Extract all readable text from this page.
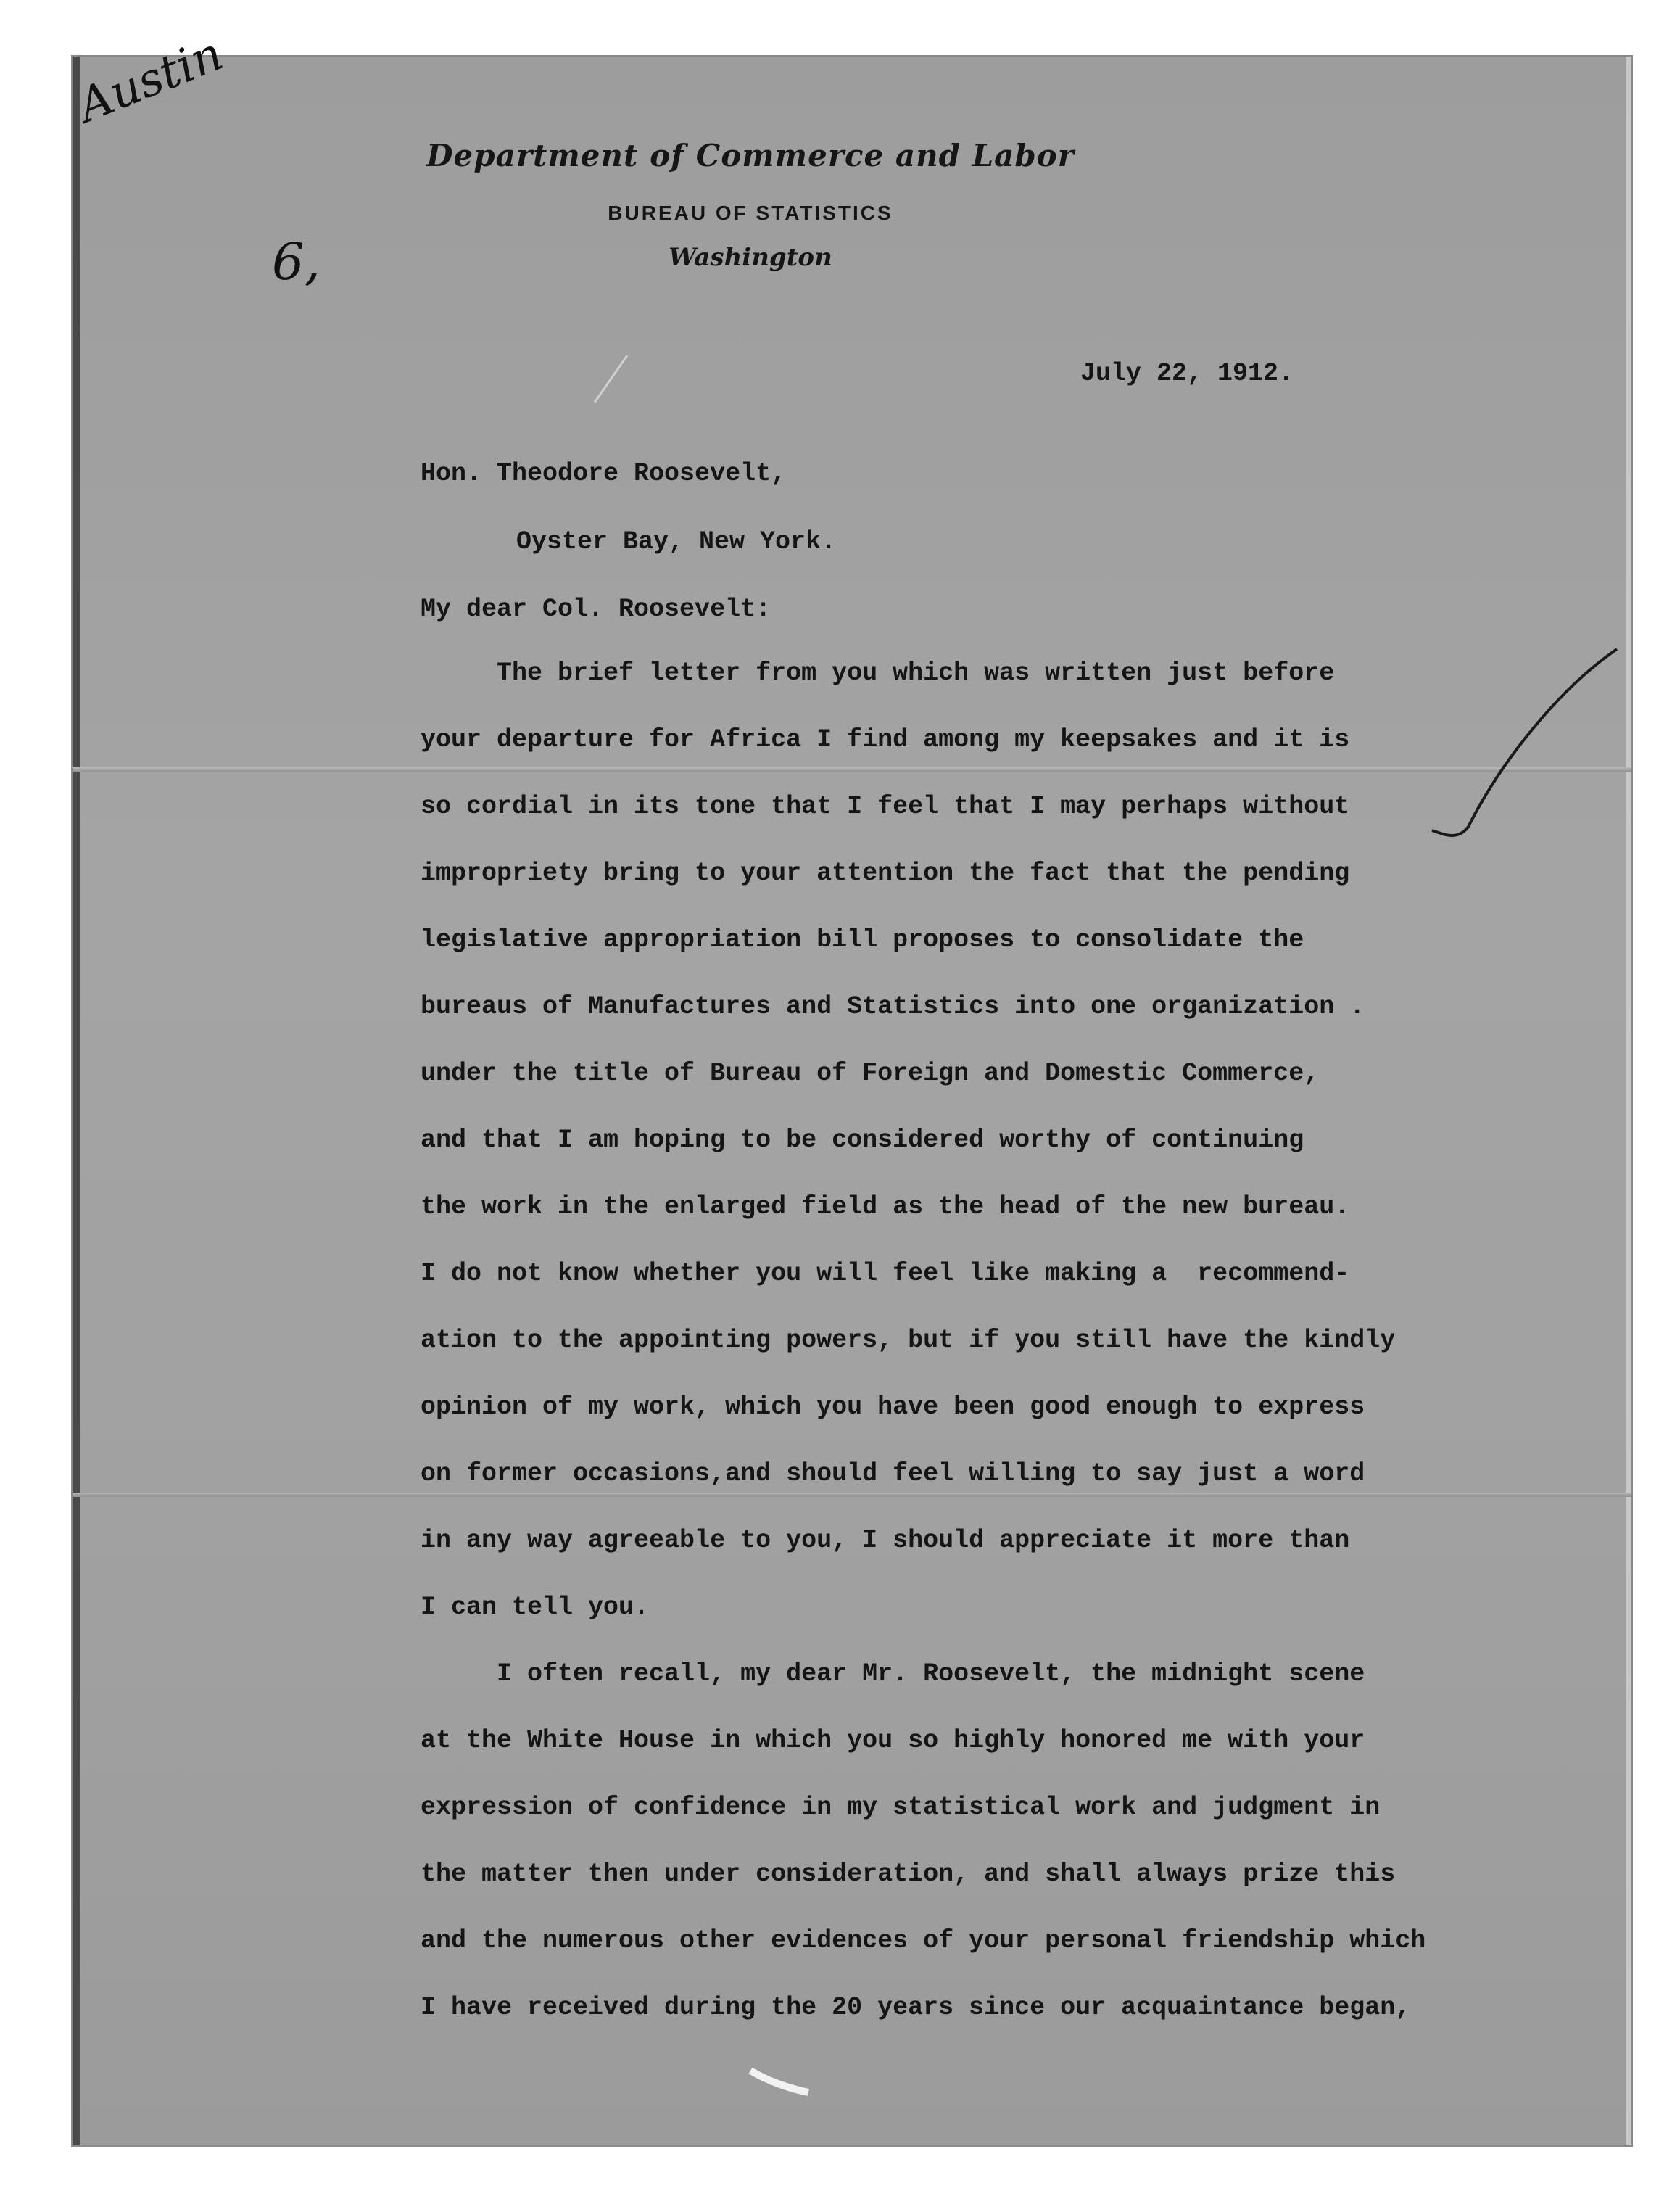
Austin
6,
Department of Commerce and Labor
BUREAU OF STATISTICS
Washington
July 22, 1912.
Hon. Theodore Roosevelt,
Oyster Bay, New York.
My dear Col. Roosevelt:
The brief letter from you which was written just before
your departure for Africa I find among my keepsakes and it is
so cordial in its tone that I feel that I may perhaps without
impropriety bring to your attention the fact that the pending
legislative appropriation bill proposes to consolidate the
bureaus of Manufactures and Statistics into one organization .
under the title of Bureau of Foreign and Domestic Commerce,
and that I am hoping to be considered worthy of continuing
the work in the enlarged field as the head of the new bureau.
I do not know whether you will feel like making a  recommend-
ation to the appointing powers, but if you still have the kindly
opinion of my work, which you have been good enough to express
on former occasions,and should feel willing to say just a word
in any way agreeable to you, I should appreciate it more than
I can tell you.
I often recall, my dear Mr. Roosevelt, the midnight scene
at the White House in which you so highly honored me with your
expression of confidence in my statistical work and judgment in
the matter then under consideration, and shall always prize this
and the numerous other evidences of your personal friendship which
I have received during the 20 years since our acquaintance began,
